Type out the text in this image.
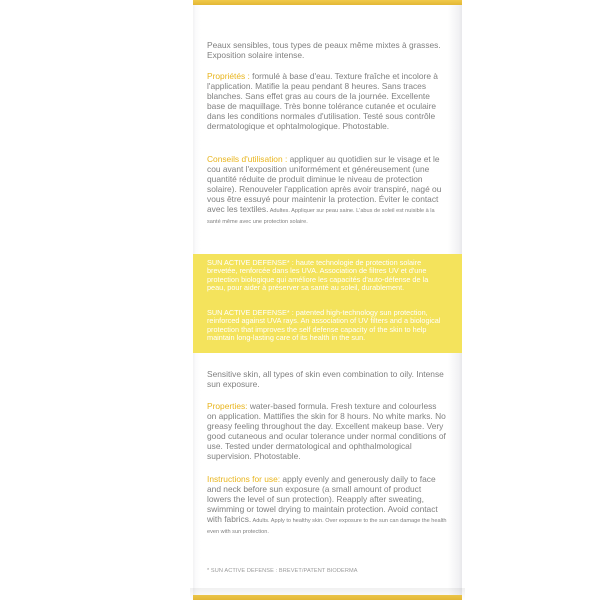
Peaux sensibles, tous types de peaux même mixtes à grasses. Exposition solaire intense.

Propriétés : formulé à base d'eau. Texture fraîche et incolore à l'application. Matifie la peau pendant 8 heures. Sans traces blanches. Sans effet gras au cours de la journée. Excellente base de maquillage. Très bonne tolérance cutanée et oculaire dans les conditions normales d'utilisation. Testé sous contrôle dermatologique et ophtalmologique. Photostable.

Conseils d'utilisation : appliquer au quotidien sur le visage et le cou avant l'exposition uniformément et généreusement (une quantité réduite de produit diminue le niveau de protection solaire). Renouveler l'application après avoir transpiré, nagé ou vous être essuyé pour maintenir la protection. Éviter le contact avec les textiles. Adultes. Appliquer sur peau saine. L'abus de soleil est nuisible à la santé même avec une protection solaire.

SUN ACTIVE DEFENSE* : haute technologie de protection solaire brevetée, renforcée dans les UVA. Association de filtres UV et d'une protection biologique qui améliore les capacités d'auto-défense de la peau, pour aider à préserver sa santé au soleil, durablement.

SUN ACTIVE DEFENSE* : patented high-technology sun protection, reinforced against UVA rays. An association of UV filters and a biological protection that improves the self defense capacity of the skin to help maintain long-lasting care of its health in the sun.

Sensitive skin, all types of skin even combination to oily. Intense sun exposure.

Properties: water-based formula. Fresh texture and colourless on application. Mattifies the skin for 8 hours. No white marks. No greasy feeling throughout the day. Excellent makeup base. Very good cutaneous and ocular tolerance under normal conditions of use. Tested under dermatological and ophthalmological supervision. Photostable.

Instructions for use: apply evenly and generously daily to face and neck before sun exposure (a small amount of product lowers the level of sun protection). Reapply after sweating, swimming or towel drying to maintain protection. Avoid contact with fabrics. Adults. Apply to healthy skin. Over exposure to the sun can damage the health even with sun protection.

* SUN ACTIVE DEFENSE : BREVET/PATENT BIODERMA
